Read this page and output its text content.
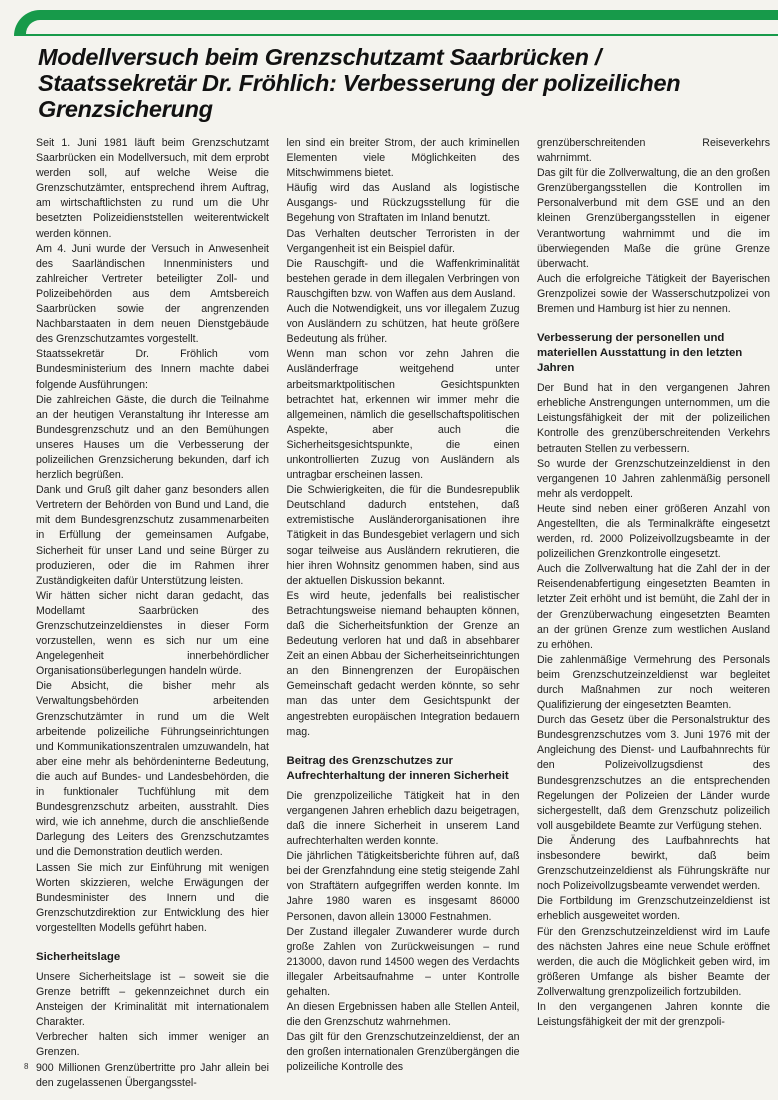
Modellversuch beim Grenzschutzamt Saarbrücken / Staatssekretär Dr. Fröhlich: Verbesserung der polizeilichen Grenzsicherung

Seit 1. Juni 1981 läuft beim Grenzschutzamt Saarbrücken ein Modellversuch, mit dem erprobt werden soll, auf welche Weise die Grenzschutzämter, entsprechend ihrem Auftrag, am wirtschaftlichsten zu rund um die Uhr besetzten Polizeidienststellen weiterentwickelt werden können.

Am 4. Juni wurde der Versuch in Anwesenheit des Saarländischen Innenministers und zahlreicher Vertreter beteiligter Zoll- und Polizeibehörden aus dem Amtsbereich Saarbrücken sowie der angrenzenden Nachbarstaaten in dem neuen Dienstgebäude des Grenzschutzamtes vorgestellt.

Staatssekretär Dr. Fröhlich vom Bundesministerium des Innern machte dabei folgende Ausführungen:

Die zahlreichen Gäste, die durch die Teilnahme an der heutigen Veranstaltung ihr Interesse am Bundesgrenzschutz und an den Bemühungen unseres Hauses um die Verbesserung der polizeilichen Grenzsicherung bekunden, darf ich herzlich begrüßen.

Dank und Gruß gilt daher ganz besonders allen Vertretern der Behörden von Bund und Land, die mit dem Bundesgrenzschutz zusammenarbeiten in Erfüllung der gemeinsamen Aufgabe, Sicherheit für unser Land und seine Bürger zu produzieren, oder die im Rahmen ihrer Zuständigkeiten dafür Unterstützung leisten.

Wir hätten sicher nicht daran gedacht, das Modellamt Saarbrücken des Grenzschutzeinzeldienstes in dieser Form vorzustellen, wenn es sich nur um eine Angelegenheit innerbehördlicher Organisationsüberlegungen handeln würde.

Die Absicht, die bisher mehr als Verwaltungsbehörden arbeitenden Grenzschutzämter in rund um die Welt arbeitende polizeiliche Führungseinrichtungen und Kommunikationszentralen umzuwandeln, hat aber eine mehr als behördeninterne Bedeutung, die auch auf Bundes- und Landesbehörden, die in funktionaler Tuchfühlung mit dem Bundesgrenzschutz arbeiten, ausstrahlt. Dies wird, wie ich annehme, durch die anschließende Darlegung des Leiters des Grenzschutzamtes und die Demonstration deutlich werden.

Lassen Sie mich zur Einführung mit wenigen Worten skizzieren, welche Erwägungen der Bundesminister des Innern und die Grenzschutzdirektion zur Entwicklung des hier vorgestellten Modells geführt haben.

Sicherheitslage

Unsere Sicherheitslage ist – soweit sie die Grenze betrifft – gekennzeichnet durch ein Ansteigen der Kriminalität mit internationalem Charakter.

Verbrecher halten sich immer weniger an Grenzen.

900 Millionen Grenzübertritte pro Jahr allein bei den zugelassenen Übergangsstel-

len sind ein breiter Strom, der auch kriminellen Elementen viele Möglichkeiten des Mitschwimmens bietet.

Häufig wird das Ausland als logistische Ausgangs- und Rückzugsstellung für die Begehung von Straftaten im Inland benutzt.

Das Verhalten deutscher Terroristen in der Vergangenheit ist ein Beispiel dafür.

Die Rauschgift- und die Waffenkriminalität bestehen gerade in dem illegalen Verbringen von Rauschgiften bzw. von Waffen aus dem Ausland.

Auch die Notwendigkeit, uns vor illegalem Zuzug von Ausländern zu schützen, hat heute größere Bedeutung als früher.

Wenn man schon vor zehn Jahren die Ausländerfrage weitgehend unter arbeitsmarktpolitischen Gesichtspunkten betrachtet hat, erkennen wir immer mehr die allgemeinen, nämlich die gesellschaftspolitischen Aspekte, aber auch die Sicherheitsgesichtspunkte, die einen unkontrollierten Zuzug von Ausländern als untragbar erscheinen lassen.

Die Schwierigkeiten, die für die Bundesrepublik Deutschland dadurch entstehen, daß extremistische Ausländerorganisationen ihre Tätigkeit in das Bundesgebiet verlagern und sich sogar teilweise aus Ausländern rekrutieren, die hier ihren Wohnsitz genommen haben, sind aus der aktuellen Diskussion bekannt.

Es wird heute, jedenfalls bei realistischer Betrachtungsweise niemand behaupten können, daß die Sicherheitsfunktion der Grenze an Bedeutung verloren hat und daß in absehbarer Zeit an einen Abbau der Sicherheitseinrichtungen an den Binnengrenzen der Europäischen Gemeinschaft gedacht werden könnte, so sehr man das unter dem Gesichtspunkt der angestrebten europäischen Integration bedauern mag.

Beitrag des Grenzschutzes zur Aufrechterhaltung der inneren Sicherheit

Die grenzpolizeiliche Tätigkeit hat in den vergangenen Jahren erheblich dazu beigetragen, daß die innere Sicherheit in unserem Land aufrechterhalten werden konnte.

Die jährlichen Tätigkeitsberichte führen auf, daß bei der Grenzfahndung eine stetig steigende Zahl von Straftätern aufgegriffen werden konnte. Im Jahre 1980 waren es insgesamt 86000 Personen, davon allein 13000 Festnahmen.

Der Zustand illegaler Zuwanderer wurde durch große Zahlen von Zurückweisungen – rund 213000, davon rund 14500 wegen des Verdachts illegaler Arbeitsaufnahme – unter Kontrolle gehalten.

An diesen Ergebnissen haben alle Stellen Anteil, die den Grenzschutz wahrnehmen.

Das gilt für den Grenzschutzeinzeldienst, der an den großen internationalen Grenzübergängen die polizeiliche Kontrolle des

grenzüberschreitenden Reiseverkehrs wahrnimmt.

Das gilt für die Zollverwaltung, die an den großen Grenzübergangsstellen die Kontrollen im Personalverbund mit dem GSE und an den kleinen Grenzübergangsstellen in eigener Verantwortung wahrnimmt und die im überwiegenden Maße die grüne Grenze überwacht.

Auch die erfolgreiche Tätigkeit der Bayerischen Grenzpolizei sowie der Wasserschutzpolizei von Bremen und Hamburg ist hier zu nennen.

Verbesserung der personellen und materiellen Ausstattung in den letzten Jahren

Der Bund hat in den vergangenen Jahren erhebliche Anstrengungen unternommen, um die Leistungsfähigkeit der mit der polizeilichen Kontrolle des grenzüberschreitenden Verkehrs betrauten Stellen zu verbessern.

So wurde der Grenzschutzeinzeldienst in den vergangenen 10 Jahren zahlenmäßig personell mehr als verdoppelt.

Heute sind neben einer größeren Anzahl von Angestellten, die als Terminalkräfte eingesetzt werden, rd. 2000 Polizeivollzugsbeamte in der polizeilichen Grenzkontrolle eingesetzt.

Auch die Zollverwaltung hat die Zahl der in der Reisendenabfertigung eingesetzten Beamten in letzter Zeit erhöht und ist bemüht, die Zahl der in der Grenzüberwachung eingesetzten Beamten an der grünen Grenze zum westlichen Ausland zu erhöhen.

Die zahlenmäßige Vermehrung des Personals beim Grenzschutzeinzeldienst war begleitet durch Maßnahmen zur noch weiteren Qualifizierung der eingesetzten Beamten.

Durch das Gesetz über die Personalstruktur des Bundesgrenzschutzes vom 3. Juni 1976 mit der Angleichung des Dienst- und Laufbahnrechts für den Polizeivollzugsdienst des Bundesgrenzschutzes an die entsprechenden Regelungen der Polizeien der Länder wurde sichergestellt, daß dem Grenzschutz polizeilich voll ausgebildete Beamte zur Verfügung stehen.

Die Änderung des Laufbahnrechts hat insbesondere bewirkt, daß beim Grenzschutzeinzeldienst als Führungskräfte nur noch Polizeivollzugsbeamte verwendet werden.

Die Fortbildung im Grenzschutzeinzeldienst ist erheblich ausgeweitet worden.

Für den Grenzschutzeinzeldienst wird im Laufe des nächsten Jahres eine neue Schule eröffnet werden, die auch die Möglichkeit geben wird, im größeren Umfange als bisher Beamte der Zollverwaltung grenzpolizeilich fortzubilden.

In den vergangenen Jahren konnte die Leistungsfähigkeit der mit der grenzpoli-

8
